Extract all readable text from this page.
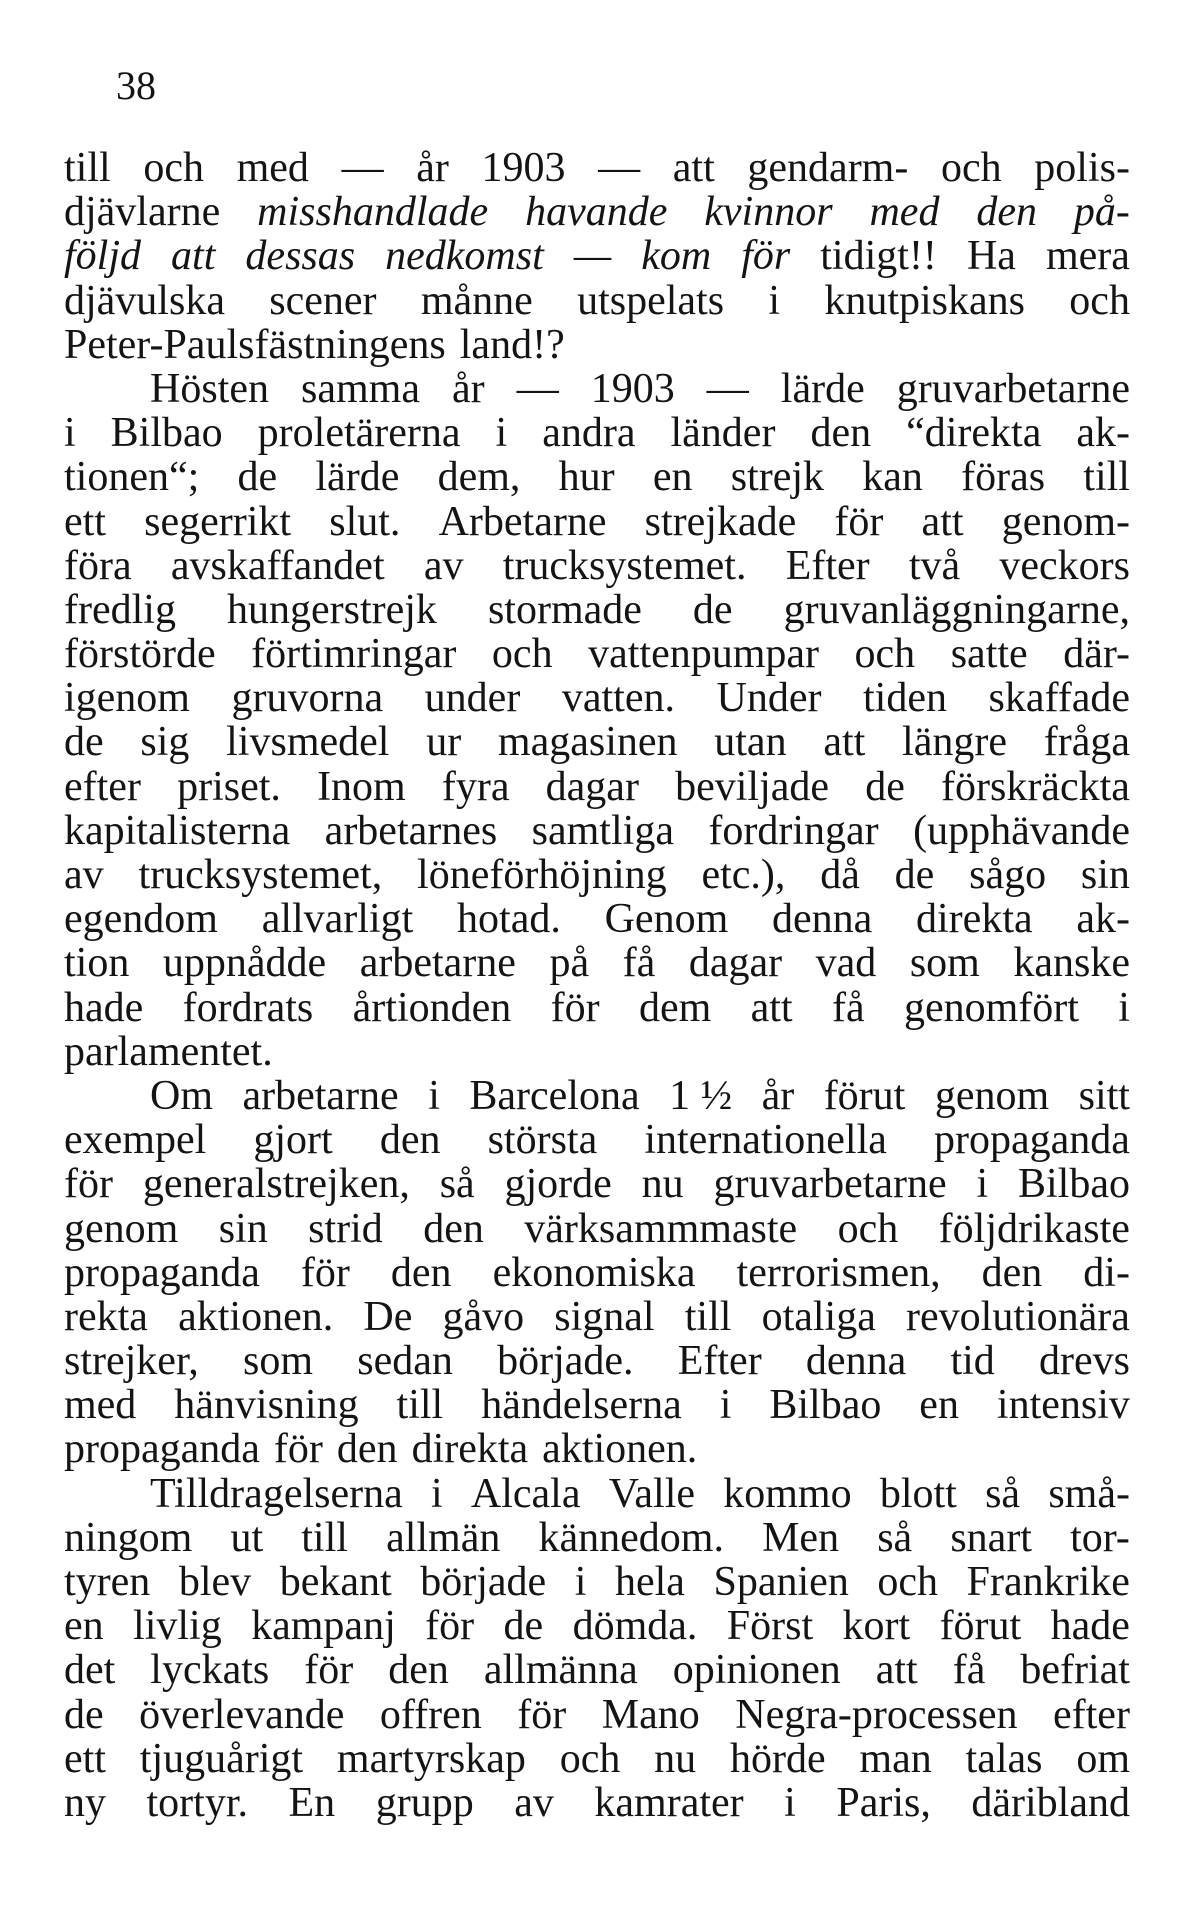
38
till och med — år 1903 — att gendarm- och polis-
djävlarne misshandlade havande kvinnor med den på-
följd att dessas nedkomst — kom för tidigt!! Ha mera
djävulska scener månne utspelats i knutpiskans och
Peter-Paulsfästningens land!?
Hösten samma år — 1903 — lärde gruvarbetarne
i Bilbao proletärerna i andra länder den “direkta ak-
tionen“; de lärde dem, hur en strejk kan föras till
ett segerrikt slut. Arbetarne strejkade för att genom-
föra avskaffandet av trucksystemet. Efter två veckors
fredlig hungerstrejk stormade de gruvanläggningarne,
förstörde förtimringar och vattenpumpar och satte där-
igenom gruvorna under vatten. Under tiden skaffade
de sig livsmedel ur magasinen utan att längre fråga
efter priset. Inom fyra dagar beviljade de förskräckta
kapitalisterna arbetarnes samtliga fordringar (upphävande
av trucksystemet, löneförhöjning etc.), då de sågo sin
egendom allvarligt hotad. Genom denna direkta ak-
tion uppnådde arbetarne på få dagar vad som kanske
hade fordrats årtionden för dem att få genomfört i
parlamentet.
Om arbetarne i Barcelona 1 ½ år förut genom sitt
exempel gjort den största internationella propaganda
för generalstrejken, så gjorde nu gruvarbetarne i Bilbao
genom sin strid den värksammmaste och följdrikaste
propaganda för den ekonomiska terrorismen, den di-
rekta aktionen. De gåvo signal till otaliga revolutionära
strejker, som sedan började. Efter denna tid drevs
med hänvisning till händelserna i Bilbao en intensiv
propaganda för den direkta aktionen.
Tilldragelserna i Alcala Valle kommo blott så små-
ningom ut till allmän kännedom. Men så snart tor-
tyren blev bekant började i hela Spanien och Frankrike
en livlig kampanj för de dömda. Först kort förut hade
det lyckats för den allmänna opinionen att få befriat
de överlevande offren för Mano Negra-processen efter
ett tjuguårigt martyrskap och nu hörde man talas om
ny tortyr. En grupp av kamrater i Paris, däribland
